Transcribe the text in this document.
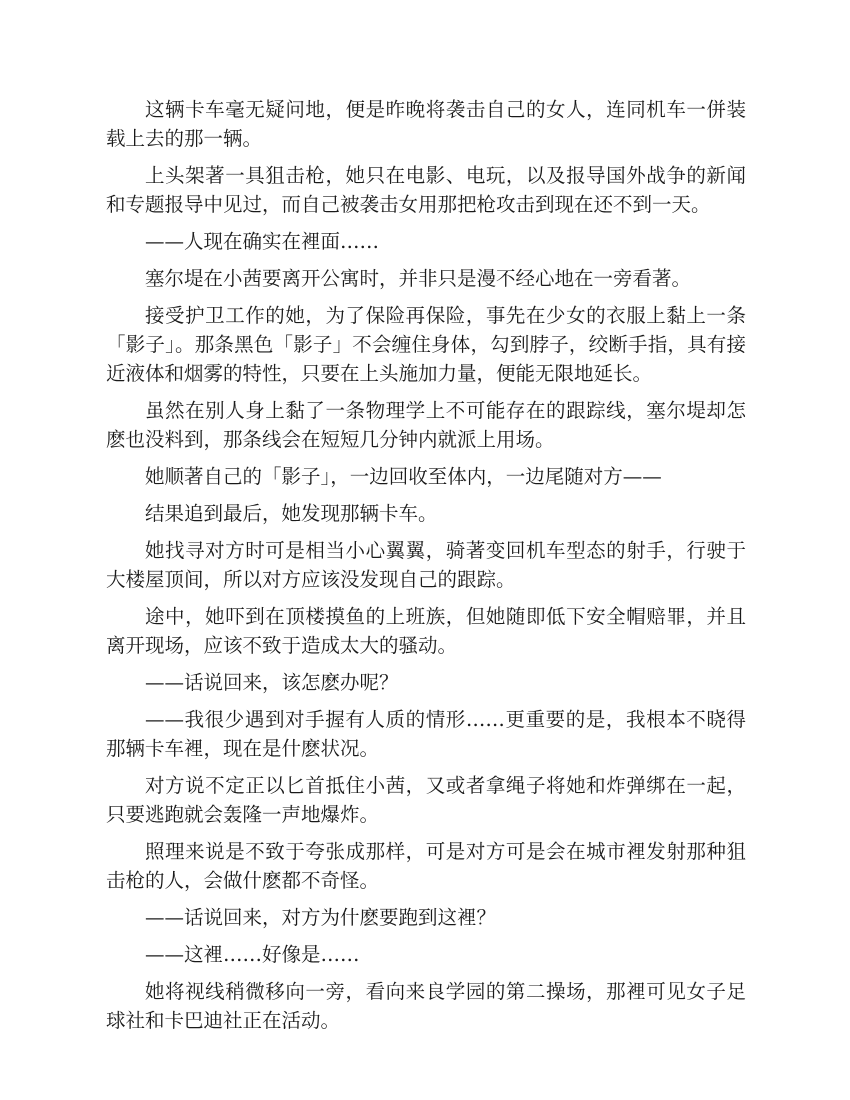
这辆卡车毫无疑问地，便是昨晚将袭击自己的女人，连同机车一併装载上去的那一辆。

上头架著一具狙击枪，她只在电影、电玩，以及报导国外战争的新闻和专题报导中见过，而自己被袭击女用那把枪攻击到现在还不到一天。

——人现在确实在裡面……

塞尔堤在小茜要离开公寓时，并非只是漫不经心地在一旁看著。

接受护卫工作的她，为了保险再保险，事先在少女的衣服上黏上一条「影子」。那条黑色「影子」不会缠住身体，勾到脖子，绞断手指，具有接近液体和烟雾的特性，只要在上头施加力量，便能无限地延长。

虽然在别人身上黏了一条物理学上不可能存在的跟踪线，塞尔堤却怎麽也没料到，那条线会在短短几分钟内就派上用场。

她顺著自己的「影子」，一边回收至体内，一边尾随对方——

结果追到最后，她发现那辆卡车。

她找寻对方时可是相当小心翼翼，骑著变回机车型态的射手，行驶于大楼屋顶间，所以对方应该没发现自己的跟踪。

途中，她吓到在顶楼摸鱼的上班族，但她随即低下安全帽赔罪，并且离开现场，应该不致于造成太大的骚动。

——话说回来，该怎麽办呢？

——我很少遇到对手握有人质的情形……更重要的是，我根本不晓得那辆卡车裡，现在是什麽状况。

对方说不定正以匕首抵住小茜，又或者拿绳子将她和炸弹绑在一起，只要逃跑就会轰隆一声地爆炸。

照理来说是不致于夸张成那样，可是对方可是会在城市裡发射那种狙击枪的人，会做什麽都不奇怪。

——话说回来，对方为什麽要跑到这裡？

——这裡……好像是……

她将视线稍微移向一旁，看向来良学园的第二操场，那裡可见女子足球社和卡巴迪社正在活动。
